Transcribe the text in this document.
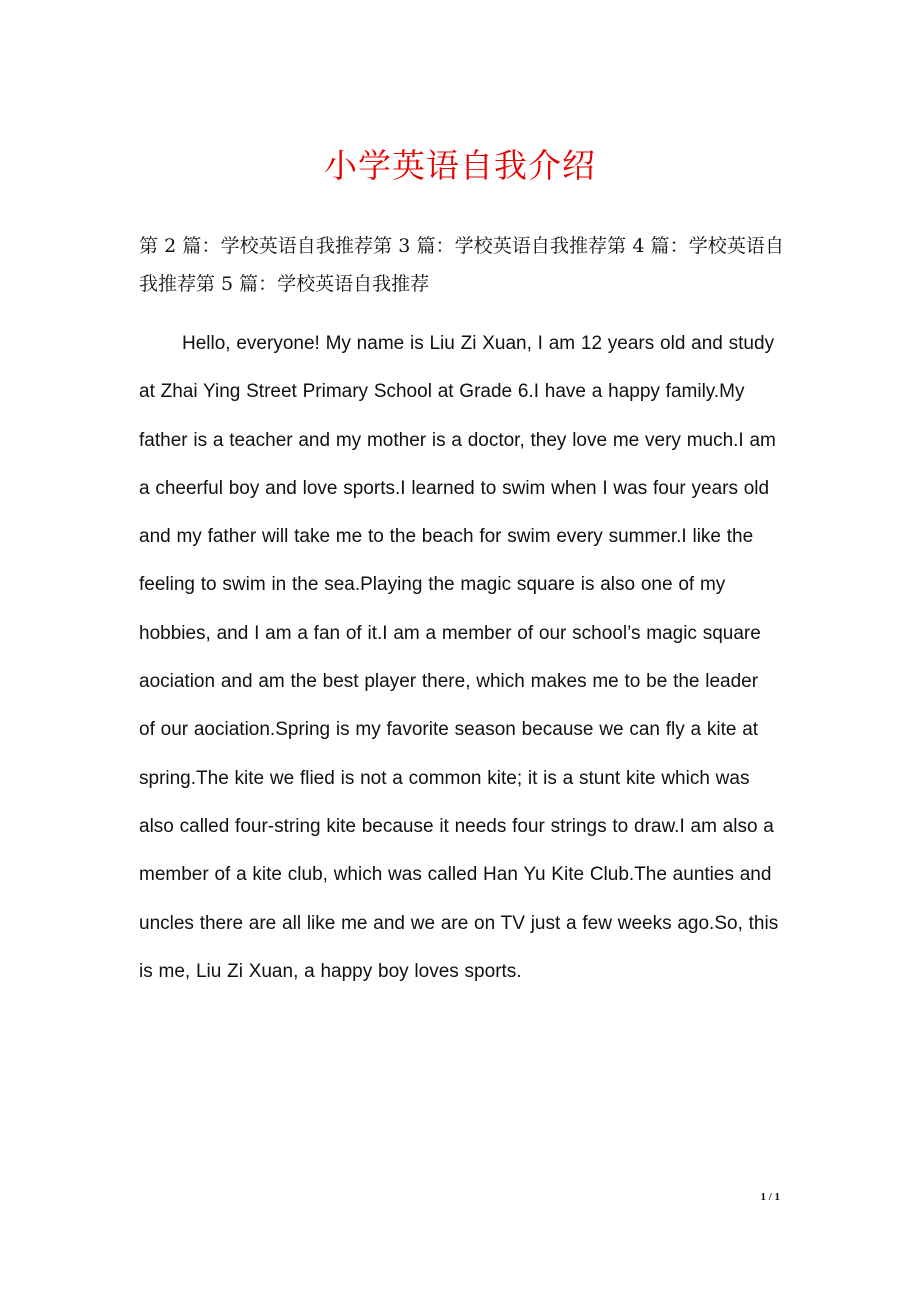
小学英语自我介绍

第 2 篇：学校英语自我推荐第 3 篇：学校英语自我推荐第 4 篇：学校英语自我推荐第 5 篇：学校英语自我推荐

Hello, everyone! My name is Liu Zi Xuan, I am 12 years old and study at Zhai Ying Street Primary School at Grade 6.I have a happy family.My father is a teacher and my mother is a doctor, they love me very much.I am a cheerful boy and love sports.I learned to swim when I was four years old and my father will take me to the beach for swim every summer.I like the feeling to swim in the sea.Playing the magic square is also one of my hobbies, and I am a fan of it.I am a member of our school’s magic square aociation and am the best player there, which makes me to be the leader of our aociation.Spring is my favorite season because we can fly a kite at spring.The kite we flied is not a common kite; it is a stunt kite which was also called four-string kite because it needs four strings to draw.I am also a member of a kite club, which was called Han Yu Kite Club.The aunties and uncles there are all like me and we are on TV just a few weeks ago.So, this is me, Liu Zi Xuan, a happy boy loves sports.

1 / 1
